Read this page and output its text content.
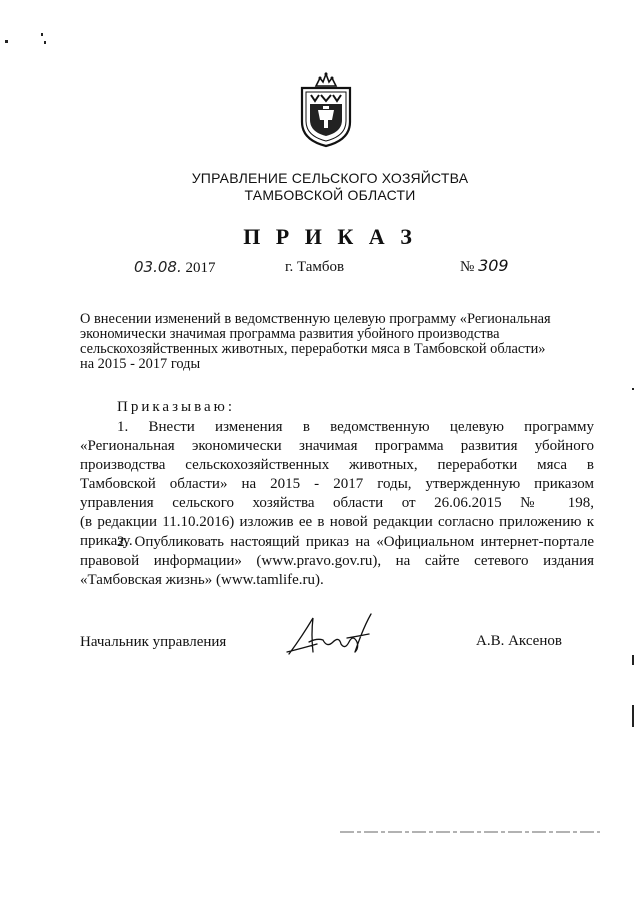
УПРАВЛЕНИЕ СЕЛЬСКОГО ХОЗЯЙСТВА
ТАМБОВСКОЙ ОБЛАСТИ
П Р И К А З
03.08. 2017	г. Тамбов	№ 309
О внесении изменений в ведомственную целевую программу «Региональная
экономически значимая программа развития убойного производства
сельскохозяйственных животных, переработки мяса в Тамбовской области»
на 2015 - 2017 годы
Приказываю:
1. Внести изменения в ведомственную целевую программу
«Региональная экономически значимая программа развития убойного
производства сельскохозяйственных животных, переработки мяса в
Тамбовской области» на 2015 - 2017 годы, утвержденную приказом
управления сельского хозяйства области от 26.06.2015 № 198,
(в редакции 11.10.2016) изложив ее в новой редакции согласно приложению к
приказу.
2. Опубликовать настоящий приказ на «Официальном интернет-портале
правовой информации» (www.pravo.gov.ru), на сайте сетевого издания
«Тамбовская жизнь» (www.tamlife.ru).
Начальник управления	А.В. Аксенов
